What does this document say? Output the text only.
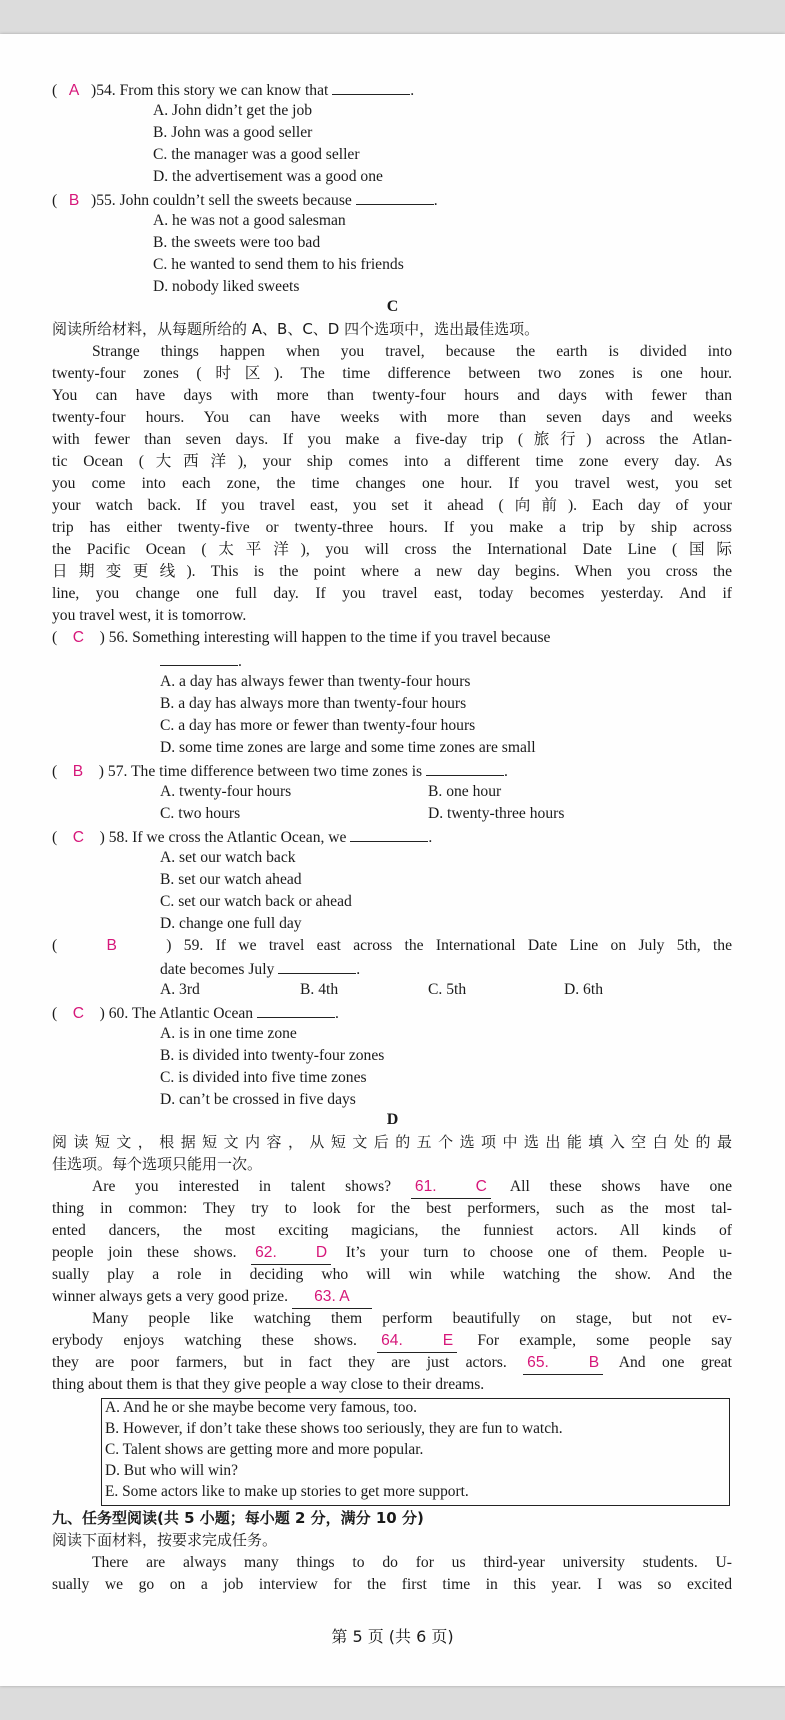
(   A   )54. From this story we can know that	.
A. John didn’t get the job
B. John was a good seller
C. the manager was a good seller
D. the advertisement was a good one
(   B   )55. John couldn’t sell the sweets because	.
A. he was not a good salesman
B. the sweets were too bad
C. he wanted to send them to his friends
D. nobody liked sweets
C
阅读所给材料，从每题所给的 A、B、C、D 四个选项中，选出最佳选项。
Strange things happen when you travel, because the earth is divided into
twenty-four zones (时区). The time difference between two zones is one hour.
You can have days with more than twenty-four hours and days with fewer than
twenty-four hours. You can have weeks with more than seven days and weeks
with fewer than seven days. If you make a five-day trip (旅行) across the Atlan-
tic Ocean (大西洋), your ship comes into a different time zone every day. As
you come into each zone, the time changes one hour. If you travel west, you set
your watch back. If you travel east, you set it ahead (向前). Each day of your
trip has either twenty-five or twenty-three hours. If you make a trip by ship across
the Pacific Ocean (太平洋), you will cross the International Date Line (国际
日期变更线). This is the point where a new day begins. When you cross the
line, you change one full day. If you travel east, today becomes yesterday. And if
you travel west, it is tomorrow.
(    C    ) 56. Something interesting will happen to the time if you travel because
.
A. a day has always fewer than twenty-four hours
B. a day has always more than twenty-four hours
C. a day has more or fewer than twenty-four hours
D. some time zones are large and some time zones are small
(    B    ) 57. The time difference between two time zones is	.
A. twenty-four hours	B. one hour
C. two hours	D. twenty-three hours
(    C    ) 58. If we cross the Atlantic Ocean, we	.
A. set our watch back
B. set our watch ahead
C. set our watch back or ahead
D. change one full day
(    B    ) 59. If we travel east across the International Date Line on July 5th, the
date becomes July	.
A. 3rd	B. 4th	C. 5th	D. 6th
(    C    ) 60. The Atlantic Ocean	.
A. is in one time zone
B. is divided into twenty-four zones
C. is divided into five time zones
D. can’t be crossed in five days
D
阅读短文，根据短文内容，从短文后的五个选项中选出能填入空白处的最
佳选项。每个选项只能用一次。
Are you interested in talent shows? 61. C All these shows have one
thing in common: They try to look for the best performers, such as the most tal-
ented dancers, the most exciting magicians, the funniest actors. All kinds of
people join these shows. 62. D It’s your turn to choose one of them. People u-
sually play a role in deciding who will win while watching the show. And the
winner always gets a very good prize. 63. A
Many people like watching them perform beautifully on stage, but not ev-
erybody enjoys watching these shows. 64. E For example, some people say
they are poor farmers, but in fact they are just actors. 65. B And one great
thing about them is that they give people a way close to their dreams.
A. And he or she maybe become very famous, too.
B. However, if don’t take these shows too seriously, they are fun to watch.
C. Talent shows are getting more and more popular.
D. But who will win?
E. Some actors like to make up stories to get more support.
九、任务型阅读(共 5 小题；每小题 2 分，满分 10 分)
阅读下面材料，按要求完成任务。
There are always many things to do for us third-year university students. U-
sually we go on a job interview for the first time in this year. I was so excited
第 5 页 (共 6 页)
